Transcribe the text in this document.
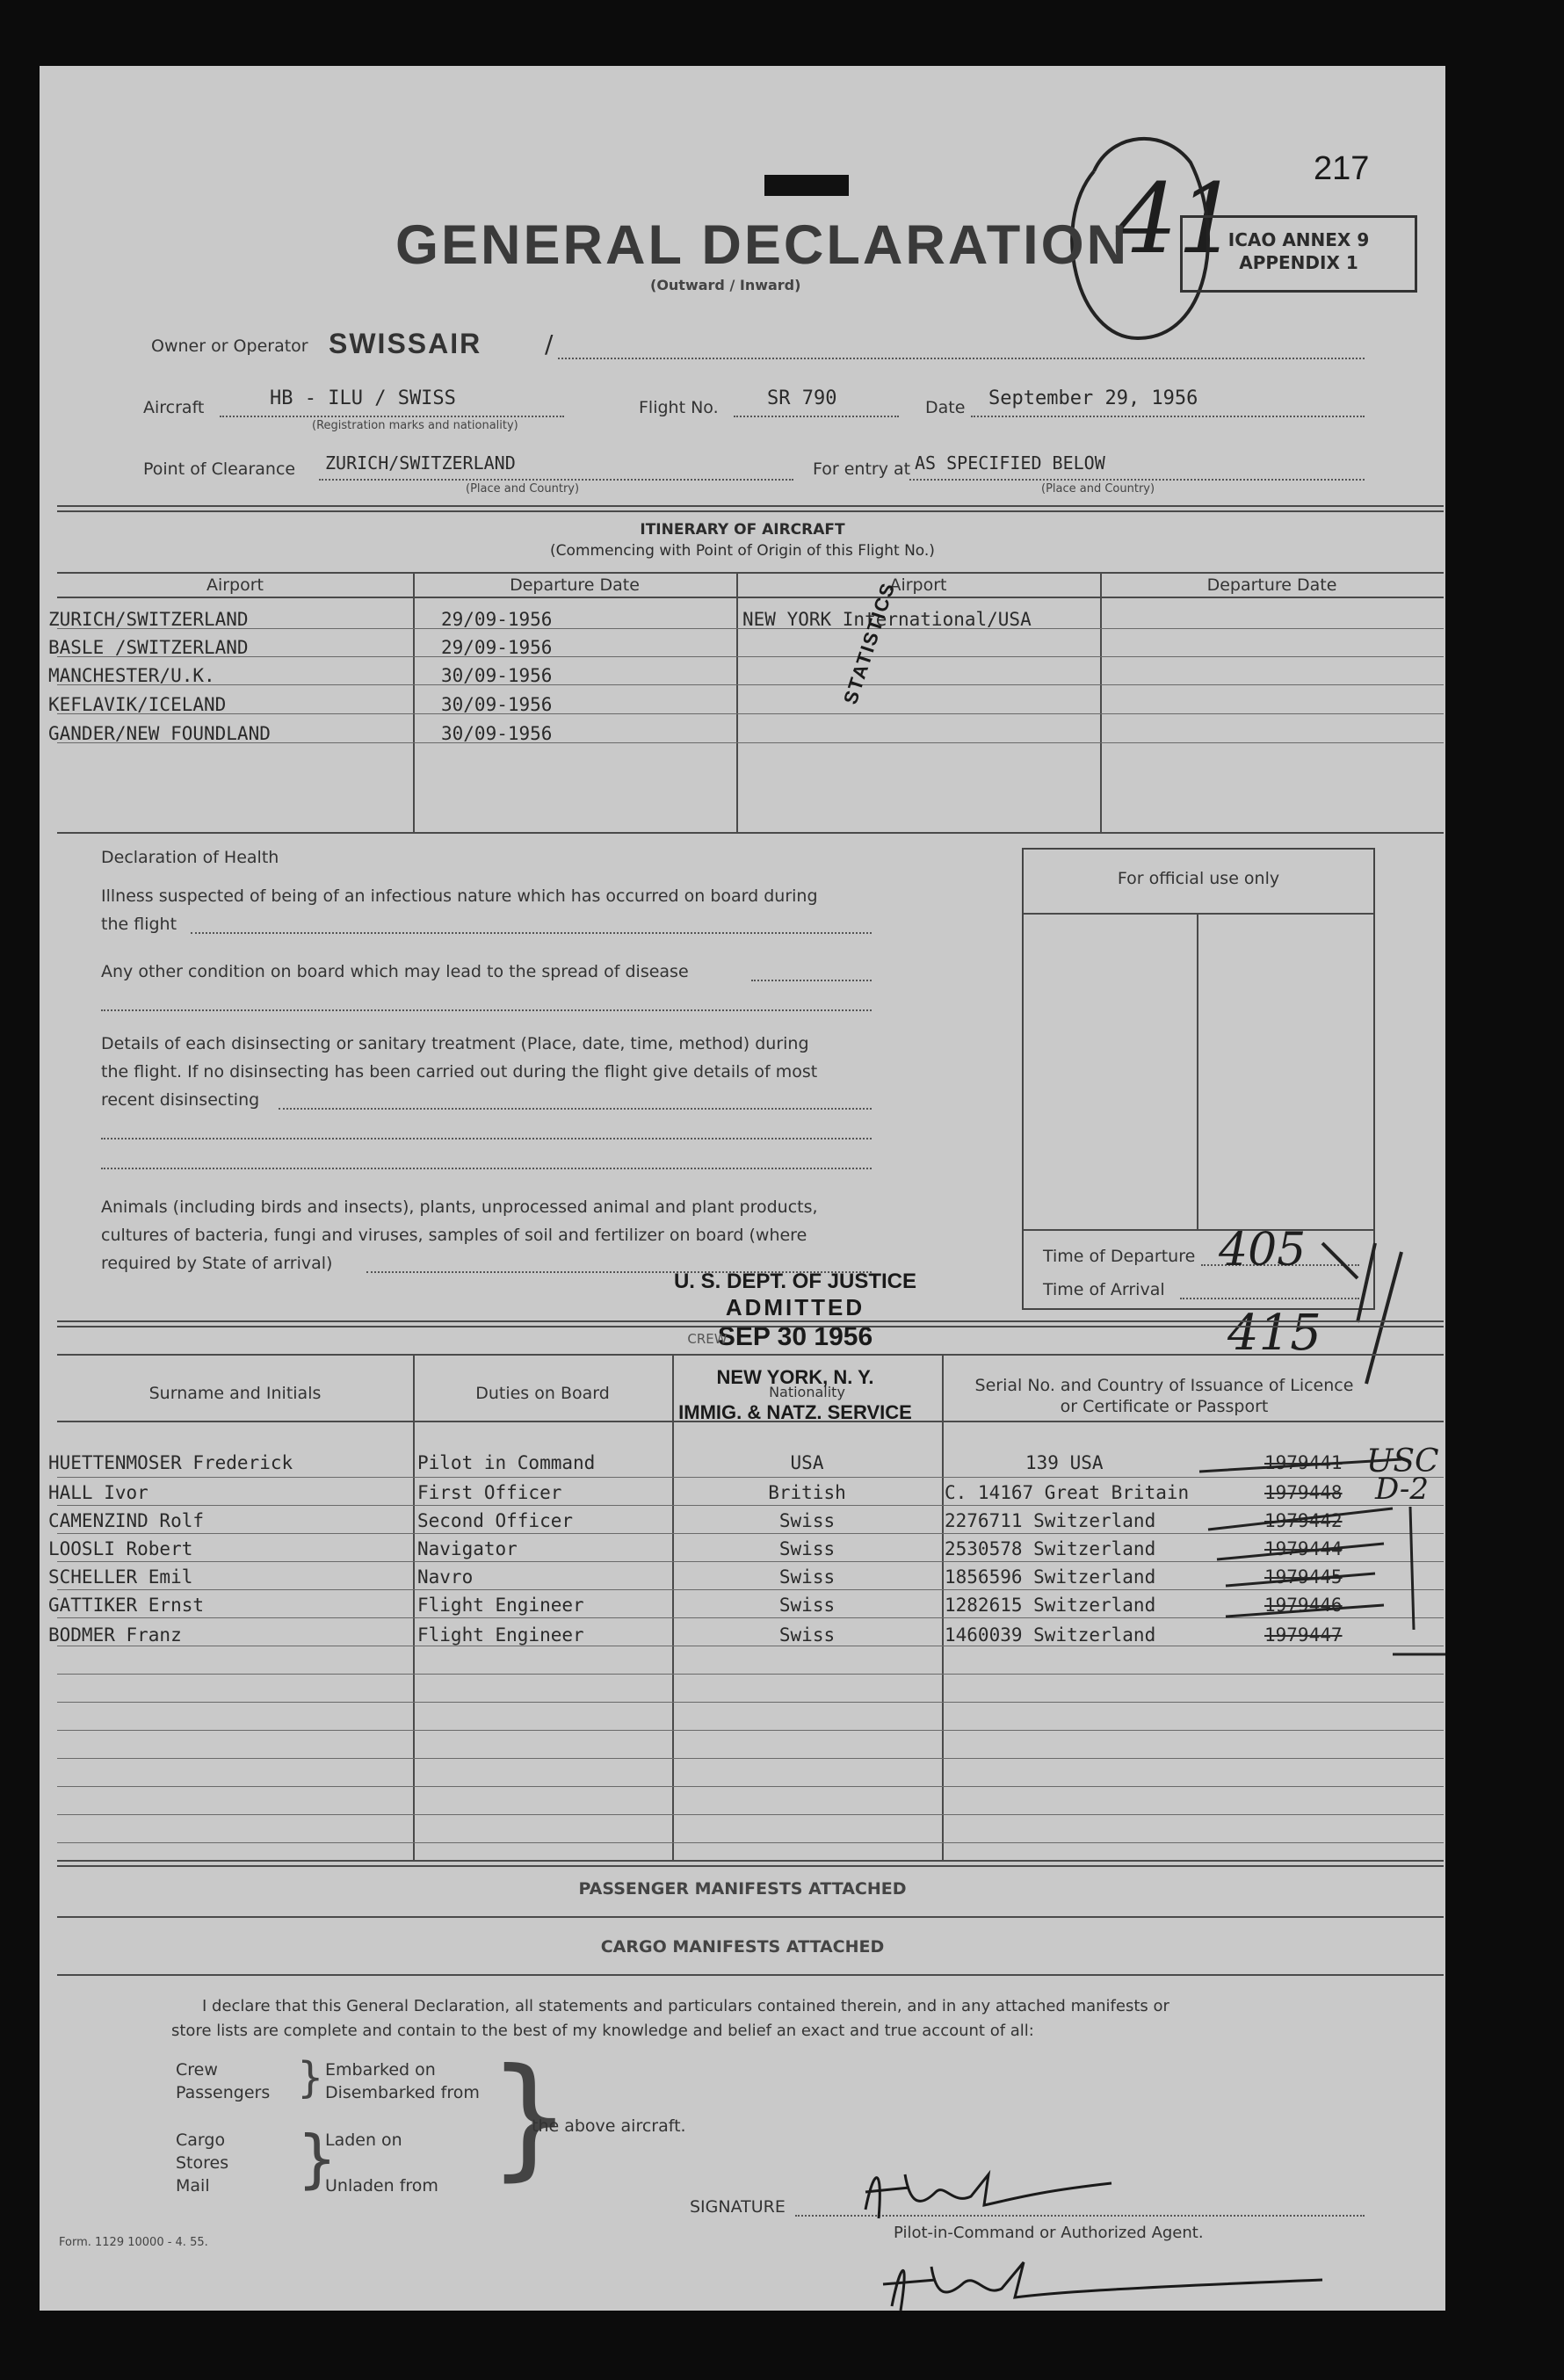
217
41
GENERAL DECLARATION
(Outward / Inward)
ICAO ANNEX 9
APPENDIX 1
Owner or Operator SWISSAIR	/
Aircraft	HB - ILU / SWISS
(Registration marks and nationality)
Flight No.	SR 790	Date September 29, 1956
Point of Clearance ZURICH/SWITZERLAND
(Place and Country)
For entry at AS SPECIFIED BELOW
(Place and Country)
ITINERARY OF AIRCRAFT
(Commencing with Point of Origin of this Flight No.)
Airport	Departure Date	Airport	Departure Date
ZURICH/SWITZERLAND	29/09-1956	NEW YORK International/USA
BASLE /SWITZERLAND	29/09-1956
MANCHESTER/U.K.	30/09-1956
KEFLAVIK/ICELAND	30/09-1956
GANDER/NEW FOUNDLAND	30/09-1956
STATISTICS
Declaration of Health
Illness suspected of being of an infectious nature which has occurred on board during
the flight
Any other condition on board which may lead to the spread of disease
Details of each disinsecting or sanitary treatment (Place, date, time, method) during
the flight. If no disinsecting has been carried out during the flight give details of most
recent disinsecting
Animals (including birds and insects), plants, unprocessed animal and plant products,
cultures of bacteria, fungi and viruses, samples of soil and fertilizer on board (where
required by State of arrival)
For official use only
Time of Departure 405
Time of Arrival
415
U. S. DEPT. OF JUSTICE
ADMITTED
SEP 30 1956
NEW YORK, N. Y.
IMMIG. & NATZ. SERVICE
CREW
Surname and Initials	Duties on Board	Nationality	Serial No. and Country of Issuance of Licence or Certificate or Passport
HUETTENMOSER Frederick	Pilot in Command	USA	139 USA	1979441
HALL Ivor	First Officer	British	C. 14167 Great Britain	1979448
CAMENZIND Rolf	Second Officer	Swiss	2276711 Switzerland	1979442
LOOSLI Robert	Navigator	Swiss	2530578 Switzerland	1979444
SCHELLER Emil	Navro	Swiss	1856596 Switzerland	1979445
GATTIKER Ernst	Flight Engineer	Swiss	1282615 Switzerland	1979446
BODMER Franz	Flight Engineer	Swiss	1460039 Switzerland	1979447
USC
D-2
PASSENGER MANIFESTS ATTACHED
CARGO MANIFESTS ATTACHED
I declare that this General Declaration, all statements and particulars contained therein, and in any attached manifests or
store lists are complete and contain to the best of my knowledge and belief an exact and true account of all:
Crew
Passengers } Embarked on
Disembarked from
Cargo
Stores
Mail }
Laden on
Unladen from }
the above aircraft.
SIGNATURE
Pilot-in-Command or Authorized Agent.
Form. 1129 10000 - 4. 55.
